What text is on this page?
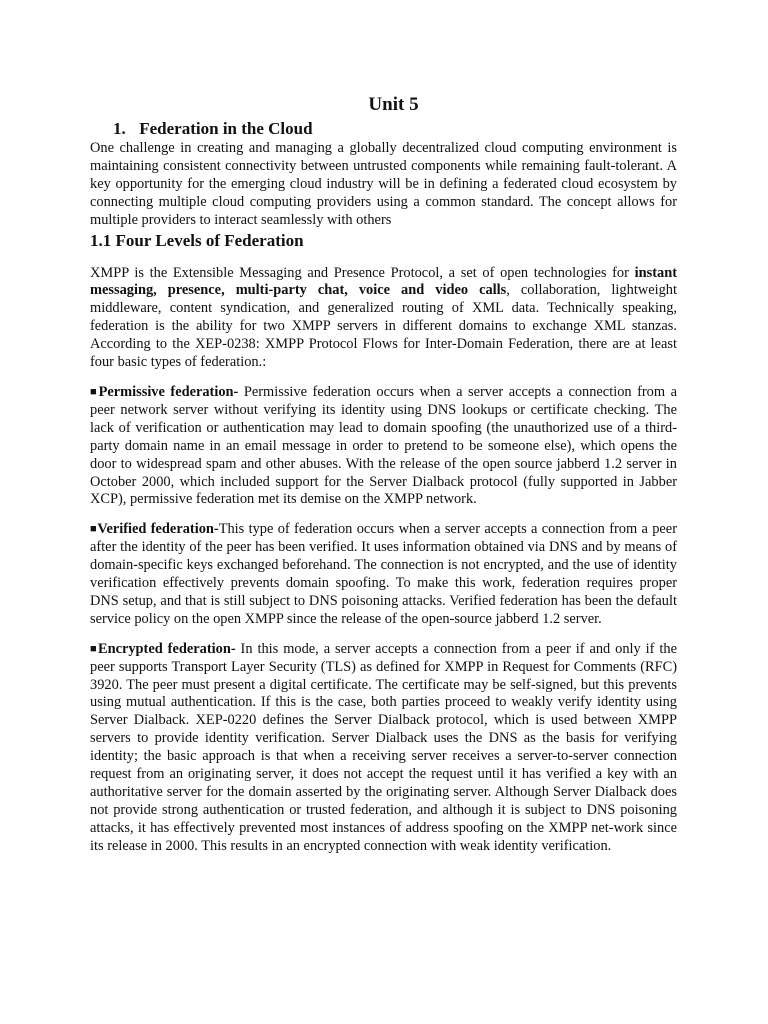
Unit 5
1. Federation in the Cloud

One challenge in creating and managing a globally decentralized cloud computing environment is maintaining consistent connectivity between untrusted components while remaining fault-tolerant. A key opportunity for the emerging cloud industry will be in defining a federated cloud ecosystem by connecting multiple cloud computing providers using a common standard. The concept allows for multiple providers to interact seamlessly with others

1.1 Four Levels of Federation

XMPP is the Extensible Messaging and Presence Protocol, a set of open technologies for instant messaging, presence, multi-party chat, voice and video calls, collaboration, lightweight middleware, content syndication, and generalized routing of XML data. Technically speaking, federation is the ability for two XMPP servers in different domains to exchange XML stanzas. According to the XEP-0238: XMPP Protocol Flows for Inter-Domain Federation, there are at least four basic types of federation.:

■Permissive federation- Permissive federation occurs when a server accepts a connection from a peer network server without verifying its identity using DNS lookups or certificate checking. The lack of verification or authentication may lead to domain spoofing (the unauthorized use of a third-party domain name in an email message in order to pretend to be someone else), which opens the door to widespread spam and other abuses. With the release of the open source jabberd 1.2 server in October 2000, which included support for the Server Dialback protocol (fully supported in Jabber XCP), permissive federation met its demise on the XMPP network.

■Verified federation-This type of federation occurs when a server accepts a connection from a peer after the identity of the peer has been verified. It uses information obtained via DNS and by means of domain-specific keys exchanged beforehand. The connection is not encrypted, and the use of identity verification effectively prevents domain spoofing. To make this work, federation requires proper DNS setup, and that is still subject to DNS poisoning attacks. Verified federation has been the default service policy on the open XMPP since the release of the open-source jabberd 1.2 server.

■Encrypted federation- In this mode, a server accepts a connection from a peer if and only if the peer supports Transport Layer Security (TLS) as defined for XMPP in Request for Comments (RFC) 3920. The peer must present a digital certificate. The certificate may be self-signed, but this prevents using mutual authentication. If this is the case, both parties proceed to weakly verify identity using Server Dialback. XEP-0220 defines the Server Dialback protocol, which is used between XMPP servers to provide identity verification. Server Dialback uses the DNS as the basis for verifying identity; the basic approach is that when a receiving server receives a server-to-server connection request from an originating server, it does not accept the request until it has verified a key with an authoritative server for the domain asserted by the originating server. Although Server Dialback does not provide strong authentication or trusted federation, and although it is subject to DNS poisoning attacks, it has effectively prevented most instances of address spoofing on the XMPP net-work since its release in 2000. This results in an encrypted connection with weak identity verification.
